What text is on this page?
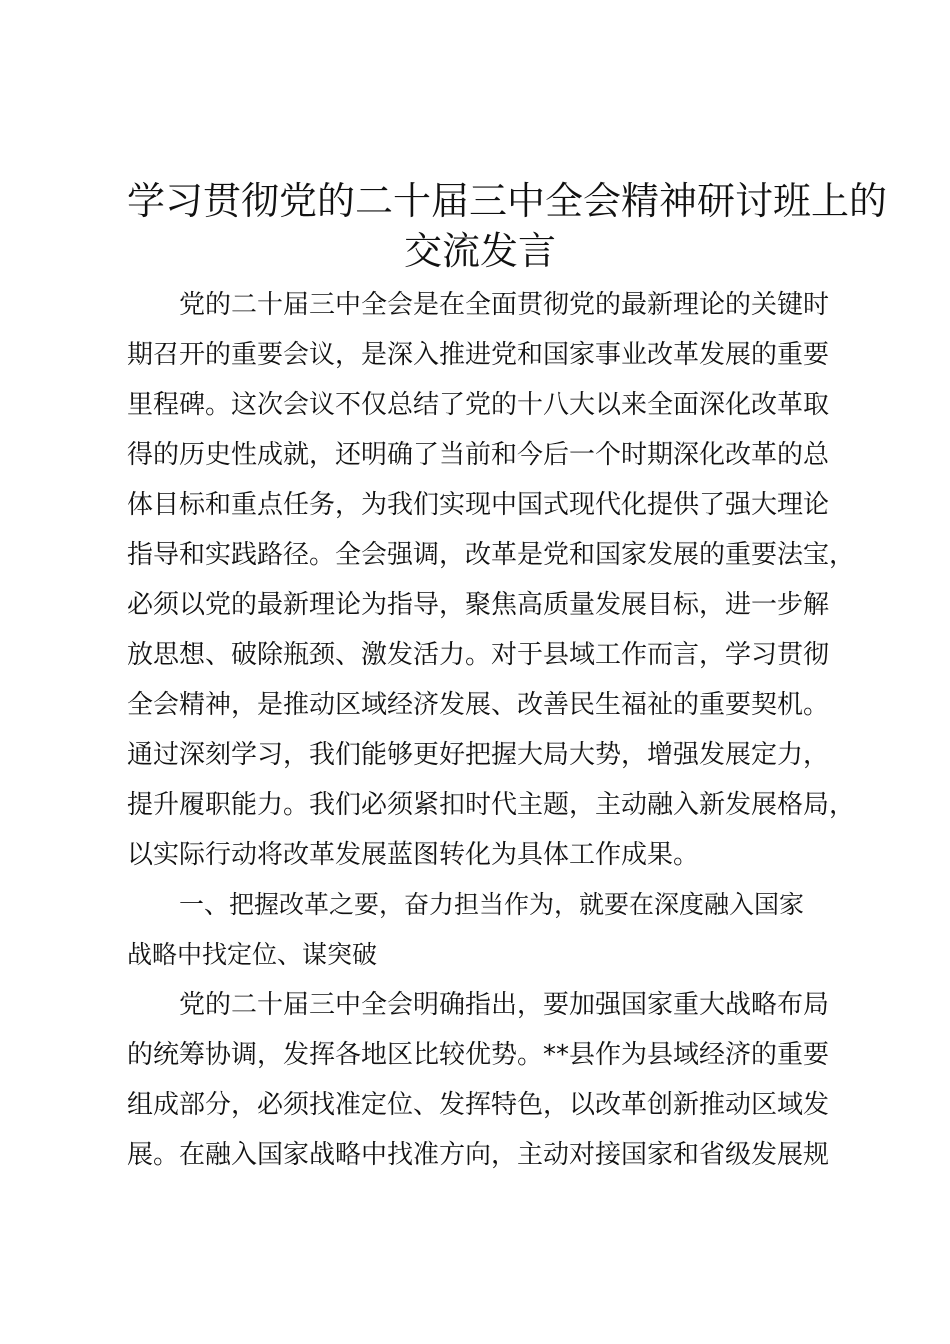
学习贯彻党的二十届三中全会精神研讨班上的
交流发言

党的二十届三中全会是在全面贯彻党的最新理论的关键时
期召开的重要会议，是深入推进党和国家事业改革发展的重要
里程碑。这次会议不仅总结了党的十八大以来全面深化改革取
得的历史性成就，还明确了当前和今后一个时期深化改革的总
体目标和重点任务，为我们实现中国式现代化提供了强大理论
指导和实践路径。全会强调，改革是党和国家发展的重要法宝，
必须以党的最新理论为指导，聚焦高质量发展目标，进一步解
放思想、破除瓶颈、激发活力。对于县域工作而言，学习贯彻
全会精神，是推动区域经济发展、改善民生福祉的重要契机。
通过深刻学习，我们能够更好把握大局大势，增强发展定力，
提升履职能力。我们必须紧扣时代主题，主动融入新发展格局，
以实际行动将改革发展蓝图转化为具体工作成果。

一、把握改革之要，奋力担当作为，就要在深度融入国家
战略中找定位、谋突破

党的二十届三中全会明确指出，要加强国家重大战略布局
的统筹协调，发挥各地区比较优势。**县作为县域经济的重要
组成部分，必须找准定位、发挥特色，以改革创新推动区域发
展。在融入国家战略中找准方向，主动对接国家和省级发展规
